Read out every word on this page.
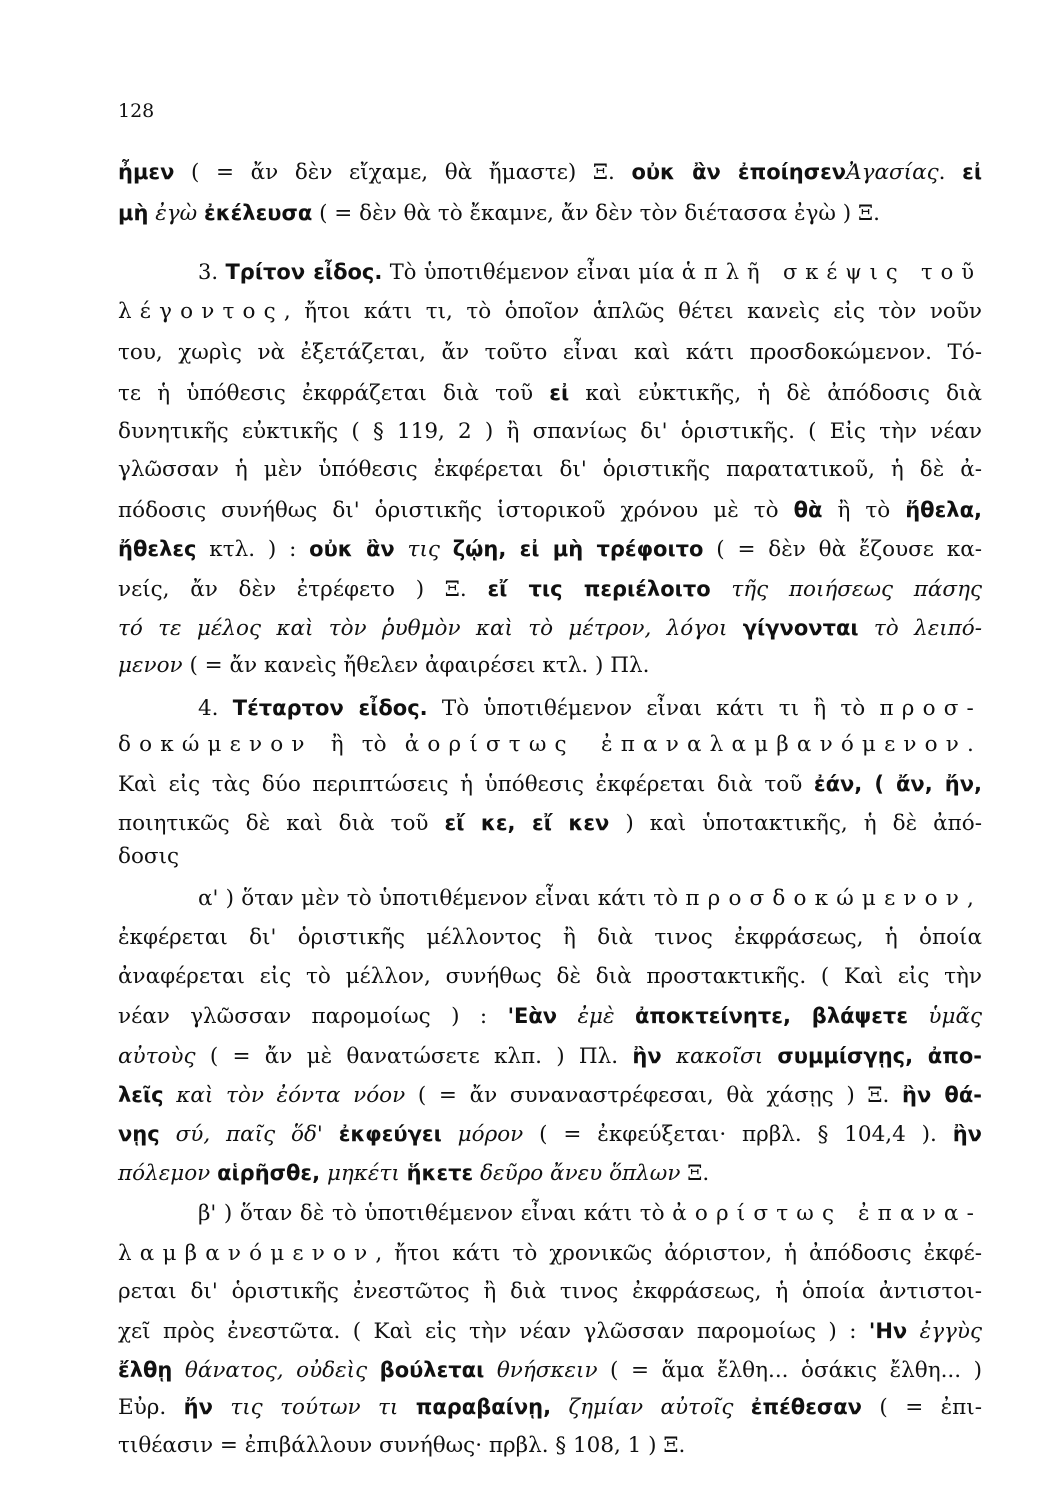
128
ἦμεν ( = ἄν δὲν εἴχαμε, θὰ ἤμαστε) Ξ. οὐκ ἂν ἐποίησενἈγασίας. εἰ
μὴ ἐγὼ ἐκέλευσα ( = δὲν θὰ τὸ ἔκαμνε, ἄν δὲν τὸν διέτασσα ἐγὼ ) Ξ.
3. Τρίτον εἶδος. Τὸ ὑποτιθέμενον εἶναι μία ἁπλῆ σκέψις τοῦ
λέγοντος, ἤτοι κάτι τι, τὸ ὁποῖον ἁπλῶς θέτει κανεὶς εἰς τὸν νοῦν
του, χωρὶς νὰ ἐξετάζεται, ἄν τοῦτο εἶναι καὶ κάτι προσδοκώμενον. Τό-
τε ἡ ὑπόθεσις ἐκφράζεται διὰ τοῦ εἰ καὶ εὐκτικῆς, ἡ δὲ ἀπόδοσις διὰ
δυνητικῆς εὐκτικῆς ( § 119, 2 ) ἢ σπανίως δι' ὁριστικῆς. ( Εἰς τὴν νέαν
γλῶσσαν ἡ μὲν ὑπόθεσις ἐκφέρεται δι' ὁριστικῆς παρατατικοῦ, ἡ δὲ ἀ-
πόδοσις συνήθως δι' ὁριστικῆς ἱστορικοῦ χρόνου μὲ τὸ θὰ ἢ τὸ ἤθελα,
ἤθελες κτλ. ) : οὐκ ἂν τις ζῴη, εἰ μὴ τρέφοιτο ( = δὲν θὰ ἔζουσε κα-
νείς, ἄν δὲν ἐτρέφετο ) Ξ. εἴ τις περιέλοιτο τῆς ποιήσεως πάσης
τό τε μέλος καὶ τὸν ῥυθμὸν καὶ τὸ μέτρον, λόγοι γίγνονται τὸ λειπό-
μενον ( = ἄν κανεὶς ἤθελεν ἀφαιρέσει κτλ. ) Πλ.
4. Τέταρτον εἶδος. Τὸ ὑποτιθέμενον εἶναι κάτι τι ἢ τὸ προσ-
δοκώμενον ἢ τὸ ἀορίστως ἐπαναλαμβανόμενον.
Καὶ εἰς τὰς δύο περιπτώσεις ἡ ὑπόθεσις ἐκφέρεται διὰ τοῦ ἐάν, ( ἄν, ἤν,
ποιητικῶς δὲ καὶ διὰ τοῦ εἴ κε, εἴ κεν ) καὶ ὑποτακτικῆς, ἡ δὲ ἀπό-
δοσις
α' ) ὅταν μὲν τὸ ὑποτιθέμενον εἶναι κάτι τὸ προσδοκώμενον,
ἐκφέρεται δι' ὁριστικῆς μέλλοντος ἢ διὰ τινος ἐκφράσεως, ἡ ὁποία
ἀναφέρεται εἰς τὸ μέλλον, συνήθως δὲ διὰ προστακτικῆς. ( Καὶ εἰς τὴν
νέαν γλῶσσαν παρομοίως ) : 'Εὰν ἐμὲ ἀποκτείνητε, βλάψετε ὑμᾶς
αὐτοὺς ( = ἄν μὲ θανατώσετε κλπ. ) Πλ. ἢν κακοῖσι συμμίσγῃς, ἀπο-
λεῖς καὶ τὸν ἐόντα νόον ( = ἄν συναναστρέφεσαι, θὰ χάσῃς ) Ξ. ἢν θά-
νῃς σύ, παῖς ὅδ' ἐκφεύγει μόρον ( = ἐκφεύξεται· πρβλ. § 104,4 ). ἢν
πόλεμον αἱρῆσθε, μηκέτι ἥκετε δεῦρο ἄνευ ὅπλων Ξ.
β' ) ὅταν δὲ τὸ ὑποτιθέμενον εἶναι κάτι τὸ ἀορίστως ἐπανα-
λαμβανόμενον, ἤτοι κάτι τὸ χρονικῶς ἀόριστον, ἡ ἀπόδοσις ἐκφέ-
ρεται δι' ὁριστικῆς ἐνεστῶτος ἢ διὰ τινος ἐκφράσεως, ἡ ὁποία ἀντιστοι-
χεῖ πρὸς ἐνεστῶτα. ( Καὶ εἰς τὴν νέαν γλῶσσαν παρομοίως ) : 'Ην ἐγγὺς
ἔλθῃ θάνατος, οὐδεὶς βούλεται θνήσκειν ( = ἅμα ἔλθη... ὁσάκις ἔλθη... )
Εὐρ. ἤν τις τούτων τι παραβαίνῃ, ζημίαν αὐτοῖς ἐπέθεσαν ( = ἐπι-
τιθέασιν = ἐπιβάλλουν συνήθως· πρβλ. § 108, 1 ) Ξ.
